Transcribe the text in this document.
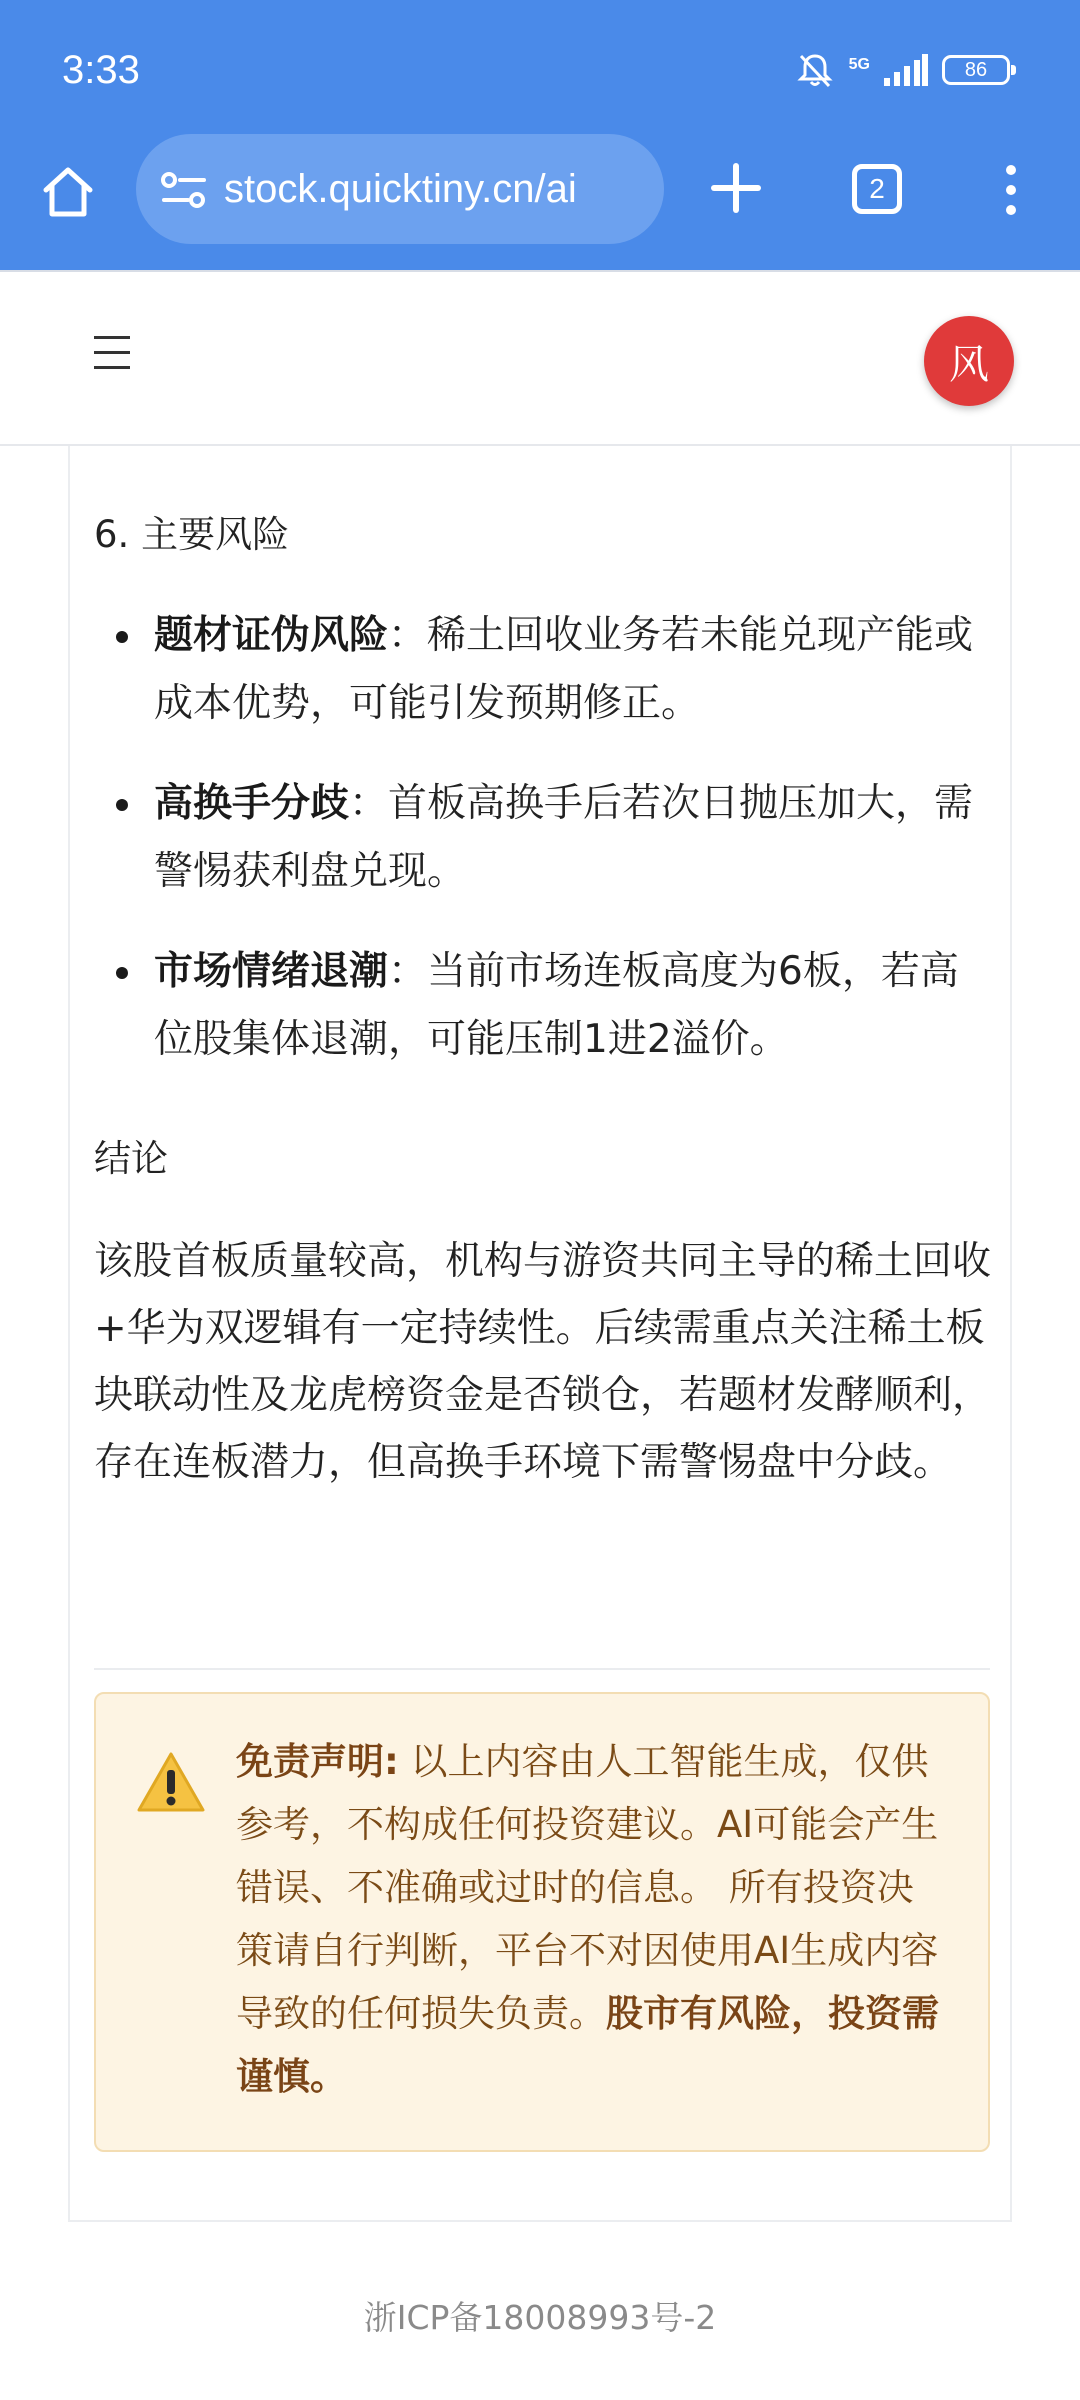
3:33	5G	86
stock.quicktiny.cn/ai	2
风
6. 主要风险
题材证伪风险：稀土回收业务若未能兑现产能或成本优势，可能引发预期修正。
高换手分歧：首板高换手后若次日抛压加大，需警惕获利盘兑现。
市场情绪退潮：当前市场连板高度为6板，若高位股集体退潮，可能压制1进2溢价。
结论
该股首板质量较高，机构与游资共同主导的稀土回收+华为双逻辑有一定持续性。后续需重点关注稀土板块联动性及龙虎榜资金是否锁仓，若题材发酵顺利，存在连板潜力，但高换手环境下需警惕盘中分歧。
免责声明: 以上内容由人工智能生成，仅供参考，不构成任何投资建议。AI可能会产生错误、不准确或过时的信息。 所有投资决策请自行判断，平台不对因使用AI生成内容导致的任何损失负责。股市有风险，投资需谨慎。
浙ICP备18008993号-2
